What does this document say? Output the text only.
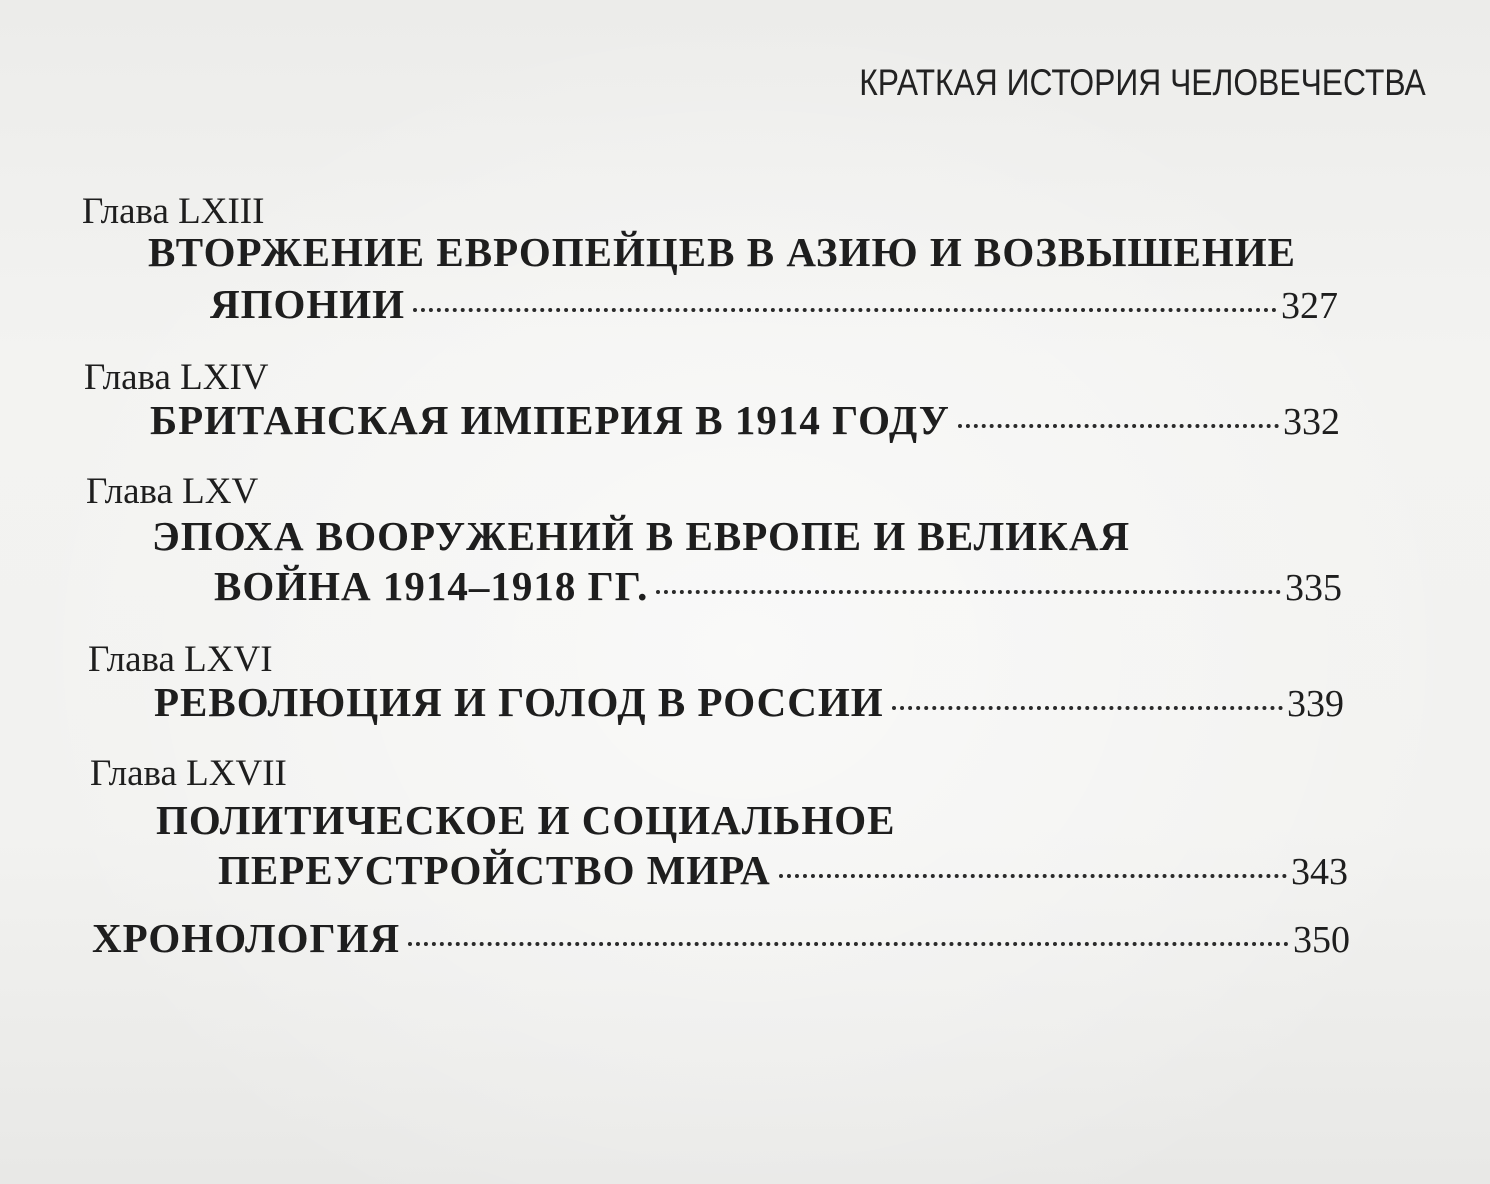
КРАТКАЯ ИСТОРИЯ ЧЕЛОВЕЧЕСТВА
Глава LXIII
ВТОРЖЕНИЕ ЕВРОПЕЙЦЕВ В АЗИЮ И ВОЗВЫШЕНИЕ
ЯПОНИИ	327
Глава LXIV
БРИТАНСКАЯ ИМПЕРИЯ В 1914 ГОДУ	332
Глава LXV
ЭПОХА ВООРУЖЕНИЙ В ЕВРОПЕ И ВЕЛИКАЯ
ВОЙНА 1914–1918 ГГ.	335
Глава LXVI
РЕВОЛЮЦИЯ И ГОЛОД В РОССИИ	339
Глава LXVII
ПОЛИТИЧЕСКОЕ И СОЦИАЛЬНОЕ
ПЕРЕУСТРОЙСТВО МИРА	343
ХРОНОЛОГИЯ	350
